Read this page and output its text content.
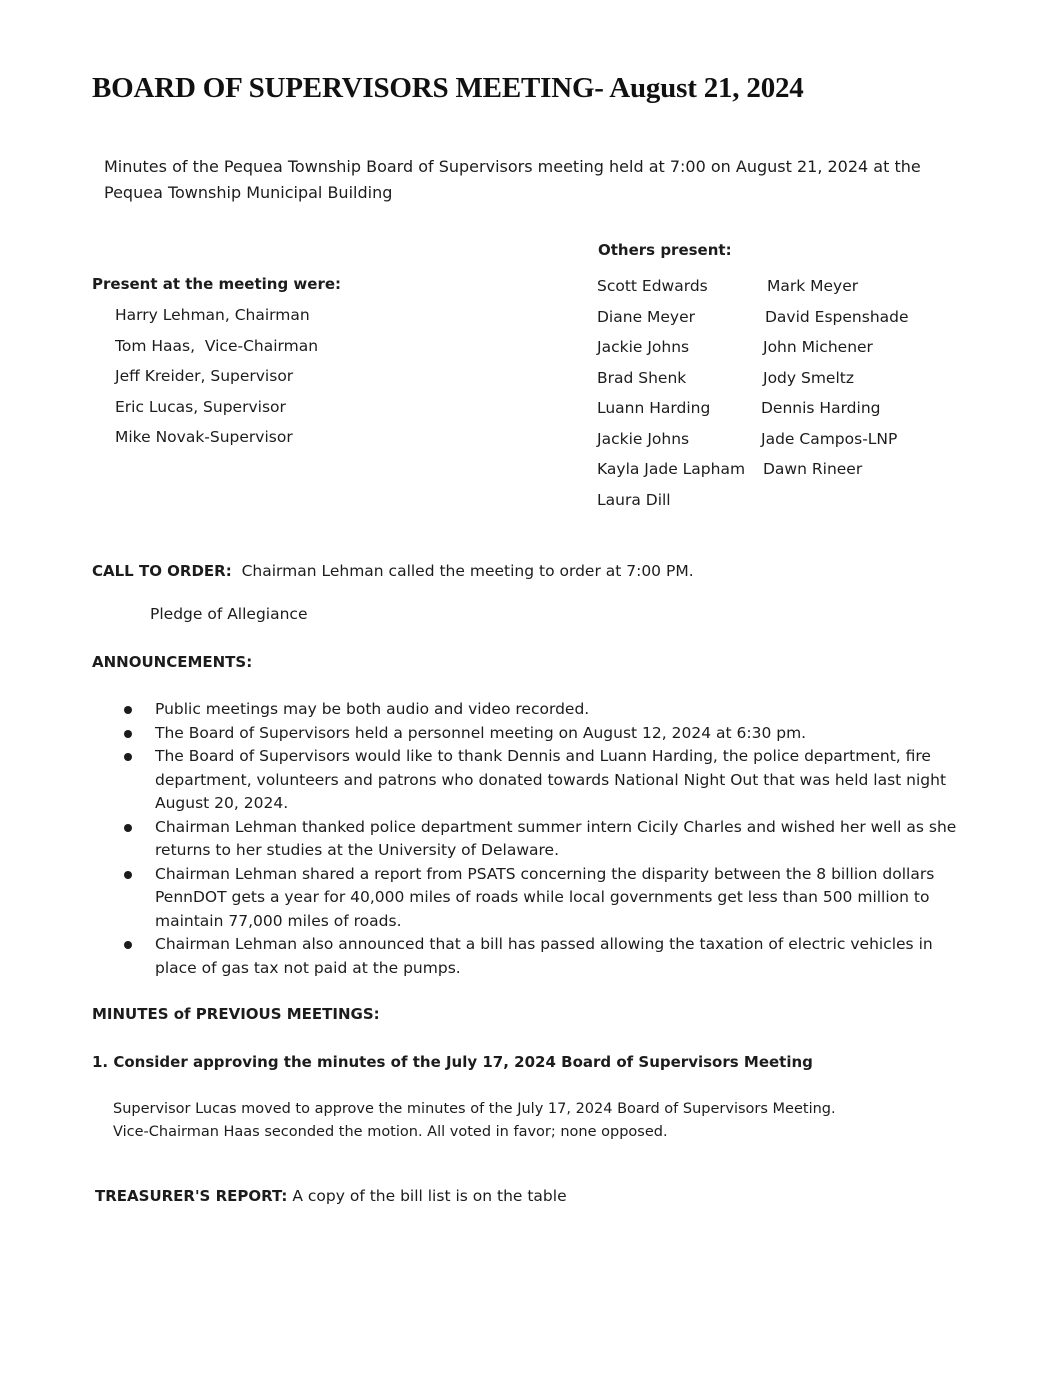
BOARD OF SUPERVISORS MEETING- August 21, 2024
Minutes of the Pequea Township Board of Supervisors meeting held at 7:00 on August 21, 2024 at the Pequea Township Municipal Building
Present at the meeting were:
Harry Lehman, Chairman
Tom Haas,  Vice-Chairman
Jeff Kreider, Supervisor
Eric Lucas, Supervisor
Mike Novak-Supervisor
Others present:
Scott Edwards	Mark Meyer
Diane Meyer	David Espenshade
Jackie Johns	John Michener
Brad Shenk	Jody Smeltz
Luann Harding	Dennis Harding
Jackie Johns	Jade Campos-LNP
Kayla Jade Lapham	Dawn Rineer
Laura Dill
CALL TO ORDER: Chairman Lehman called the meeting to order at 7:00 PM.
Pledge of Allegiance
ANNOUNCEMENTS:
Public meetings may be both audio and video recorded.
The Board of Supervisors held a personnel meeting on August 12, 2024 at 6:30 pm.
The Board of Supervisors would like to thank Dennis and Luann Harding, the police department, fire department, volunteers and patrons who donated towards National Night Out that was held last night August 20, 2024.
Chairman Lehman thanked police department summer intern Cicily Charles and wished her well as she returns to her studies at the University of Delaware.
Chairman Lehman shared a report from PSATS concerning the disparity between the 8 billion dollars PennDOT gets a year for 40,000 miles of roads while local governments get less than 500 million to maintain 77,000 miles of roads.
Chairman Lehman also announced that a bill has passed allowing the taxation of electric vehicles in place of gas tax not paid at the pumps.
MINUTES of PREVIOUS MEETINGS:
1. Consider approving the minutes of the July 17, 2024 Board of Supervisors Meeting
Supervisor Lucas moved to approve the minutes of the July 17, 2024 Board of Supervisors Meeting. Vice-Chairman Haas seconded the motion. All voted in favor; none opposed.
TREASURER'S REPORT: A copy of the bill list is on the table
